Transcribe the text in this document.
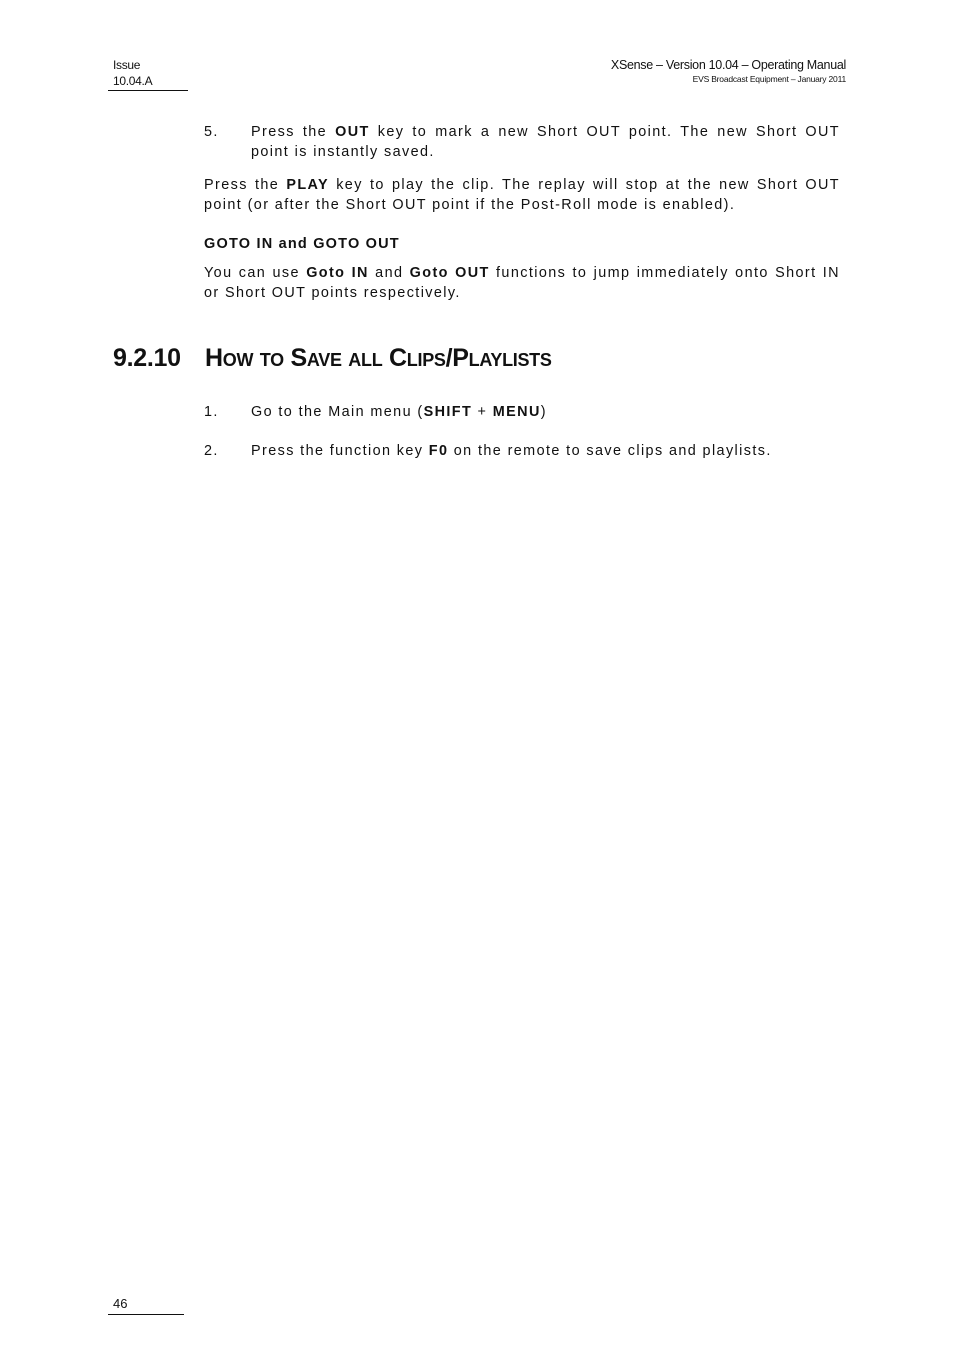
Issue
10.04.A
XSense – Version 10.04 – Operating Manual
EVS Broadcast Equipment – January 2011
5. Press the OUT key to mark a new Short OUT point. The new Short OUT point is instantly saved.
Press the PLAY key to play the clip. The replay will stop at the new Short OUT point (or after the Short OUT point if the Post-Roll mode is enabled).
GOTO IN and GOTO OUT
You can use Goto IN and Goto OUT functions to jump immediately onto Short IN or Short OUT points respectively.
9.2.10 How to Save all Clips/Playlists
1. Go to the Main menu (SHIFT + MENU)
2. Press the function key F0 on the remote to save clips and playlists.
46
